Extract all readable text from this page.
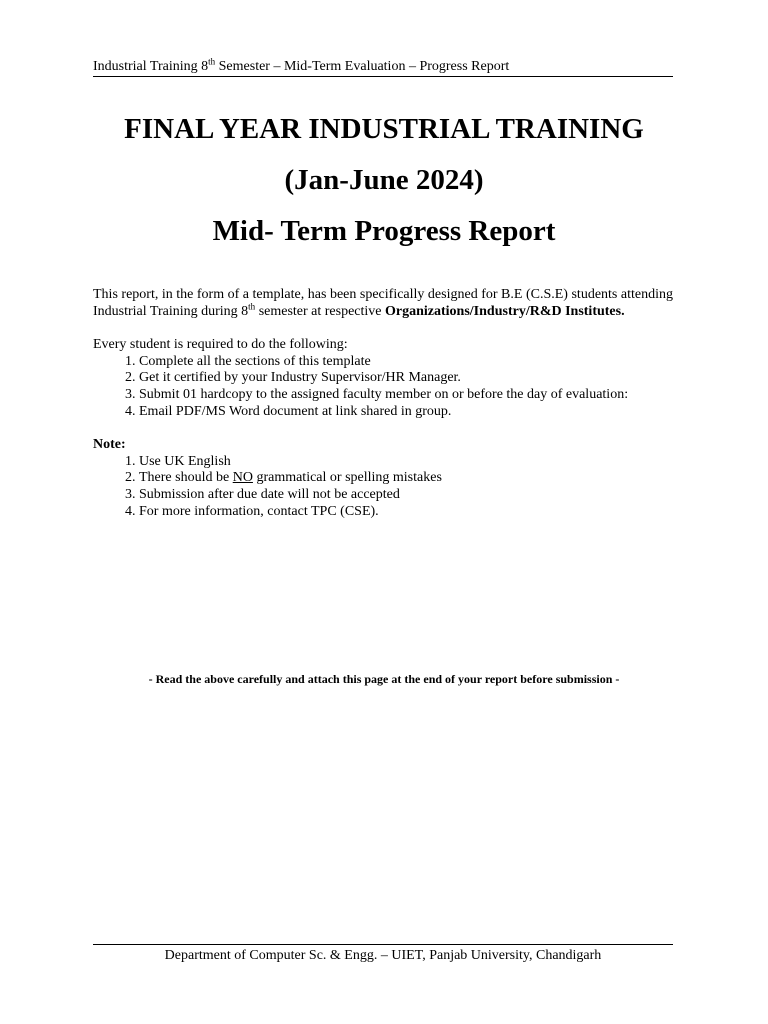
Industrial Training 8th Semester – Mid-Term Evaluation – Progress Report
FINAL YEAR INDUSTRIAL TRAINING
(Jan-June 2024)
Mid- Term Progress Report

This report, in the form of a template, has been specifically designed for B.E (C.S.E) students attending Industrial Training during 8th semester at respective Organizations/Industry/R&D Institutes.

Every student is required to do the following:

1. Complete all the sections of this template
2. Get it certified by your Industry Supervisor/HR Manager.
3. Submit 01 hardcopy to the assigned faculty member on or before the day of evaluation:
4. Email PDF/MS Word document at link shared in group.

Note:

1. Use UK English
2. There should be NO grammatical or spelling mistakes
3. Submission after due date will not be accepted
4. For more information, contact TPC (CSE).
- Read the above carefully and attach this page at the end of your report before submission -
Department of Computer Sc. & Engg. – UIET, Panjab University, Chandigarh
